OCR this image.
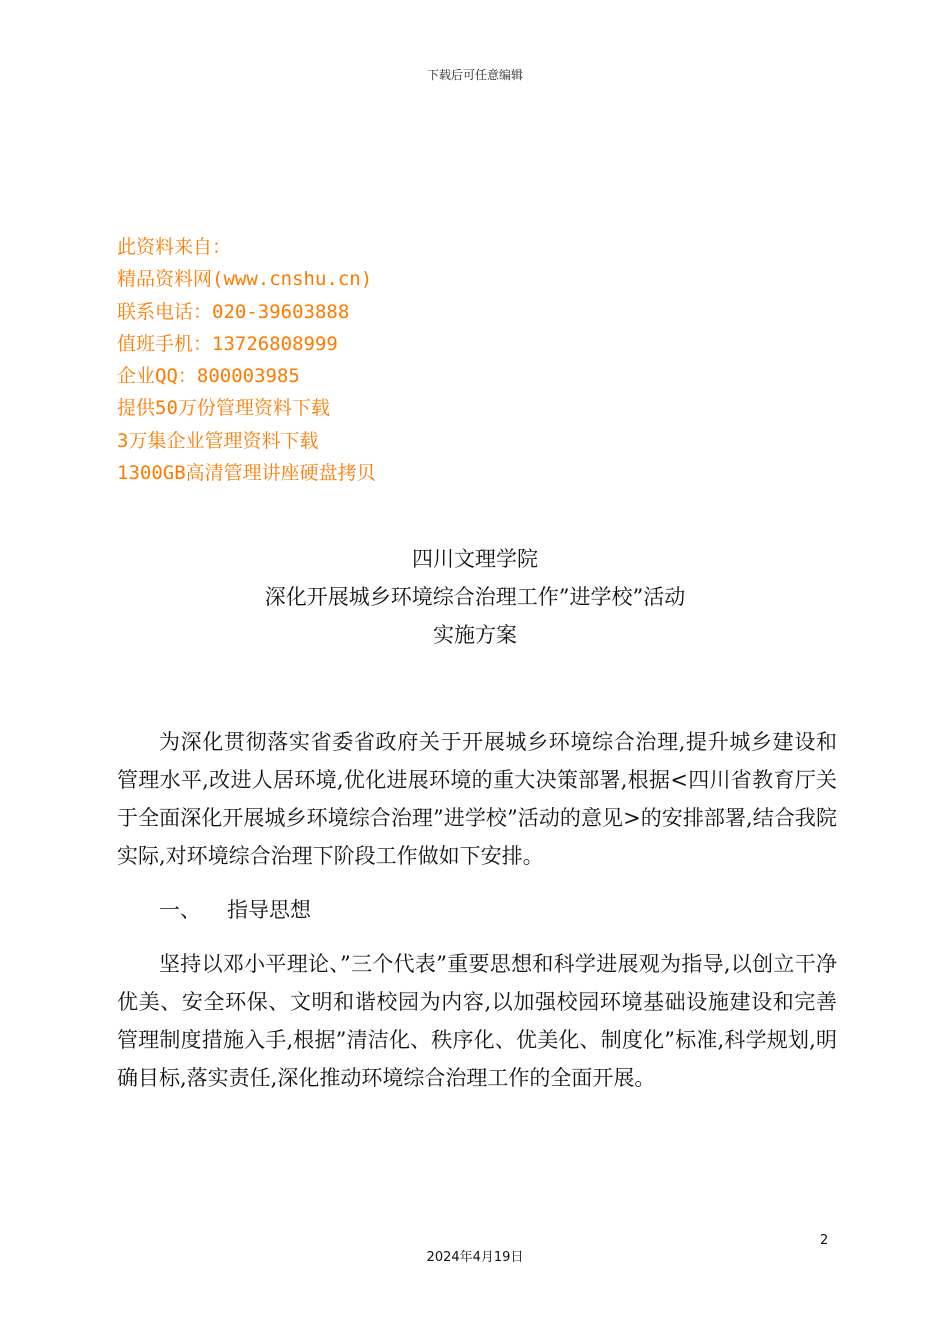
下载后可任意编辑
此资料来自：
精品资料网(www.cnshu.cn)
联系电话：020-39603888
值班手机：13726808999
企业QQ：800003985
提供50万份管理资料下载
3万集企业管理资料下载
1300GB高清管理讲座硬盘拷贝
四川文理学院
深化开展城乡环境综合治理工作”进学校”活动
实施方案

为深化贯彻落实省委省政府关于开展城乡环境综合治理,提升城乡建设和管理水平,改进人居环境,优化进展环境的重大决策部署,根据<四川省教育厅关于全面深化开展城乡环境综合治理”进学校”活动的意见>的安排部署,结合我院实际,对环境综合治理下阶段工作做如下安排。

一、 指导思想

坚持以邓小平理论、”三个代表”重要思想和科学进展观为指导,以创立干净优美、安全环保、文明和谐校园为内容,以加强校园环境基础设施建设和完善管理制度措施入手,根据”清洁化、秩序化、优美化、制度化”标准,科学规划,明确目标,落实责任,深化推动环境综合治理工作的全面开展。

2
2024年4月19日
